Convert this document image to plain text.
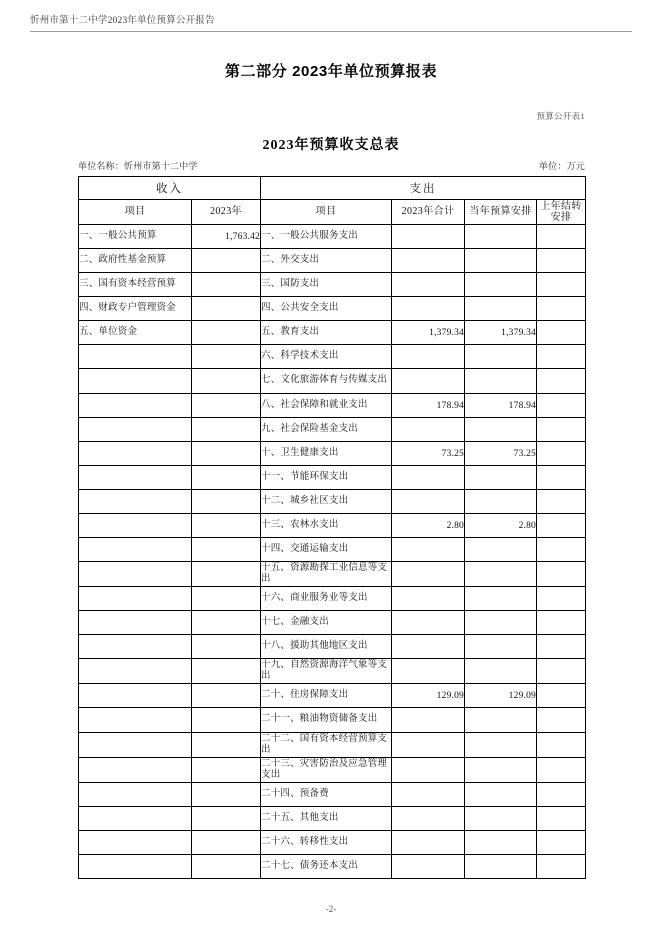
忻州市第十二中学2023年单位预算公开报告
第二部分 2023年单位预算报表
预算公开表1
2023年预算收支总表
单位名称：忻州市第十二中学	单位：万元
收入		支出			
项目	2023年	项目	2023年合计	当年预算安排	上年结转安排
一、一般公共预算	1,763.42	一、一般公共服务支出			
二、政府性基金预算		二、外交支出			
三、国有资本经营预算		三、国防支出			
四、财政专户管理资金		四、公共安全支出			
五、单位资金		五、教育支出	1,379.34	1,379.34	
		六、科学技术支出			
		七、文化旅游体育与传媒支出			
		八、社会保障和就业支出	178.94	178.94	
		九、社会保险基金支出			
		十、卫生健康支出	73.25	73.25	
		十一、节能环保支出			
		十二、城乡社区支出			
		十三、农林水支出	2.80	2.80	
		十四、交通运输支出			
		十五、资源勘探工业信息等支出			
		十六、商业服务业等支出			
		十七、金融支出			
		十八、援助其他地区支出			
		十九、自然资源海洋气象等支出			
		二十、住房保障支出	129.09	129.09	
		二十一、粮油物资储备支出			
		二十二、国有资本经营预算支出			
		二十三、灾害防治及应急管理支出			
		二十四、预备费			
		二十五、其他支出			
		二十六、转移性支出			
		二十七、债务还本支出			
-2-
